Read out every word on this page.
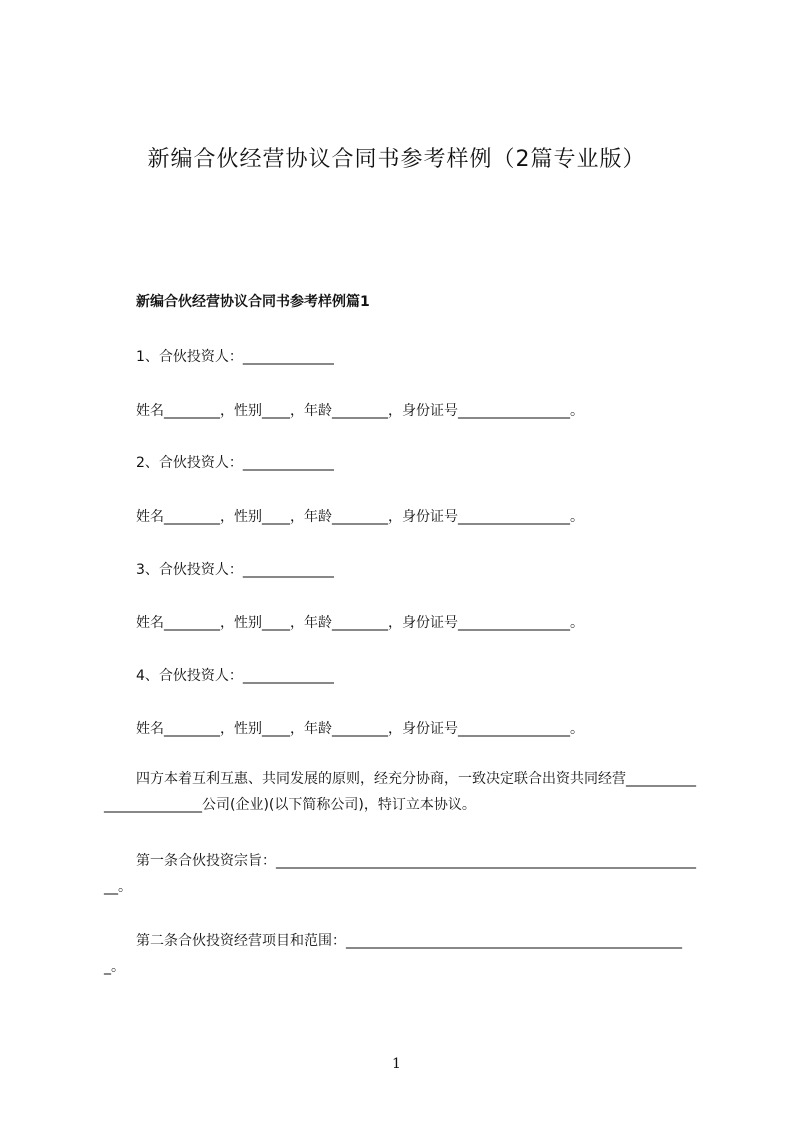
新编合伙经营协议合同书参考样例（2篇专业版）
新编合伙经营协议合同书参考样例篇1
1、合伙投资人：_____________
姓名________，性别____，年龄________，身份证号________________。
2、合伙投资人：_____________
姓名________，性别____，年龄________，身份证号________________。
3、合伙投资人：_____________
姓名________，性别____，年龄________，身份证号________________。
4、合伙投资人：_____________
姓名________，性别____，年龄________，身份证号________________。
四方本着互利互惠、共同发展的原则，经充分协商，一致决定联合出资共同经营________________________公司(企业)(以下简称公司)，特订立本协议。
第一条合伙投资宗旨：______________________________________________________________。
第二条合伙投资经营项目和范围：_________________________________________________。
1
